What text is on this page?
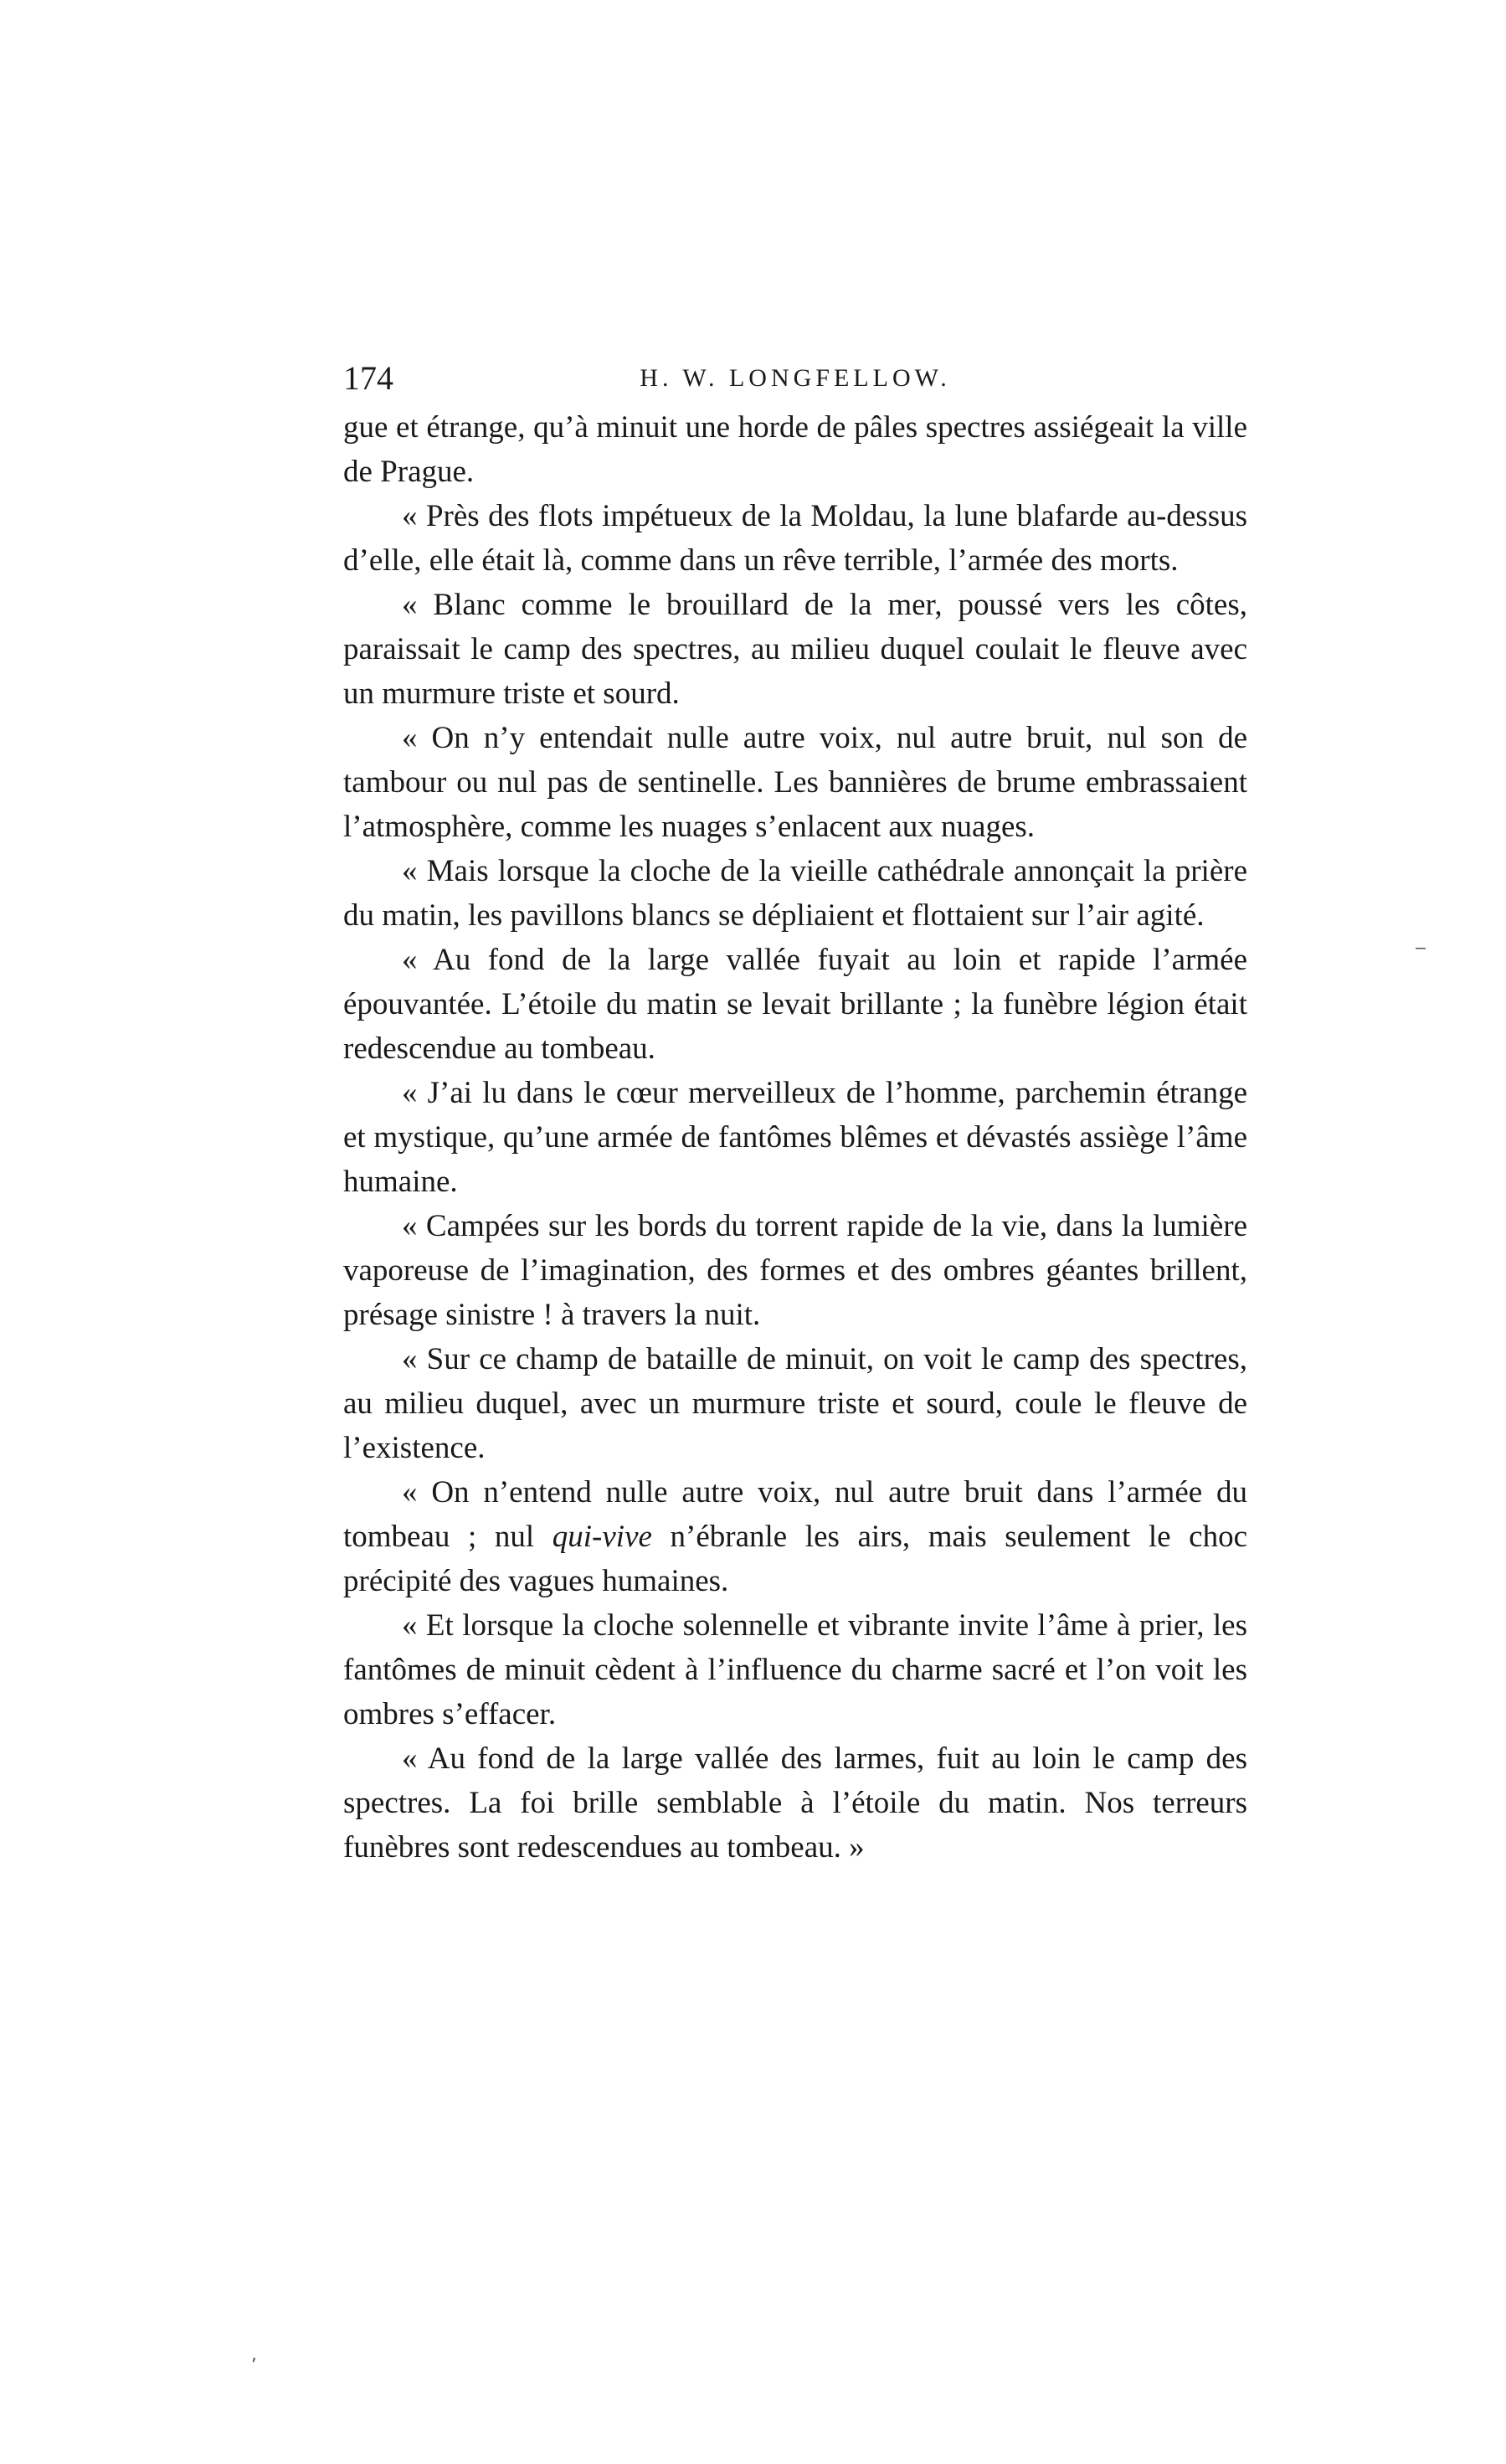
174	H. W. LONGFELLOW.

gue et étrange, qu’à minuit une horde de pâles spectres assiégeait la ville de Prague.

« Près des flots impétueux de la Moldau, la lune blafarde au-dessus d’elle, elle était là, comme dans un rêve terrible, l’armée des morts.

« Blanc comme le brouillard de la mer, poussé vers les côtes, paraissait le camp des spectres, au milieu duquel coulait le fleuve avec un murmure triste et sourd.

« On n’y entendait nulle autre voix, nul autre bruit, nul son de tambour ou nul pas de sentinelle. Les bannières de brume embrassaient l’atmosphère, comme les nuages s’enlacent aux nuages.

« Mais lorsque la cloche de la vieille cathédrale annonçait la prière du matin, les pavillons blancs se dépliaient et flottaient sur l’air agité.

« Au fond de la large vallée fuyait au loin et rapide l’armée épouvantée. L’étoile du matin se levait brillante ; la funèbre légion était redescendue au tombeau.

« J’ai lu dans le cœur merveilleux de l’homme, parchemin étrange et mystique, qu’une armée de fantômes blêmes et dévastés assiège l’âme humaine.

« Campées sur les bords du torrent rapide de la vie, dans la lumière vaporeuse de l’imagination, des formes et des ombres géantes brillent, présage sinistre ! à travers la nuit.

« Sur ce champ de bataille de minuit, on voit le camp des spectres, au milieu duquel, avec un murmure triste et sourd, coule le fleuve de l’existence.

« On n’entend nulle autre voix, nul autre bruit dans l’armée du tombeau ; nul qui-vive n’ébranle les airs, mais seulement le choc précipité des vagues humaines.

« Et lorsque la cloche solennelle et vibrante invite l’âme à prier, les fantômes de minuit cèdent à l’influence du charme sacré et l’on voit les ombres s’effacer.

« Au fond de la large vallée des larmes, fuit au loin le camp des spectres. La foi brille semblable à l’étoile du matin. Nos terreurs funèbres sont redescendues au tombeau. »

‒
,
